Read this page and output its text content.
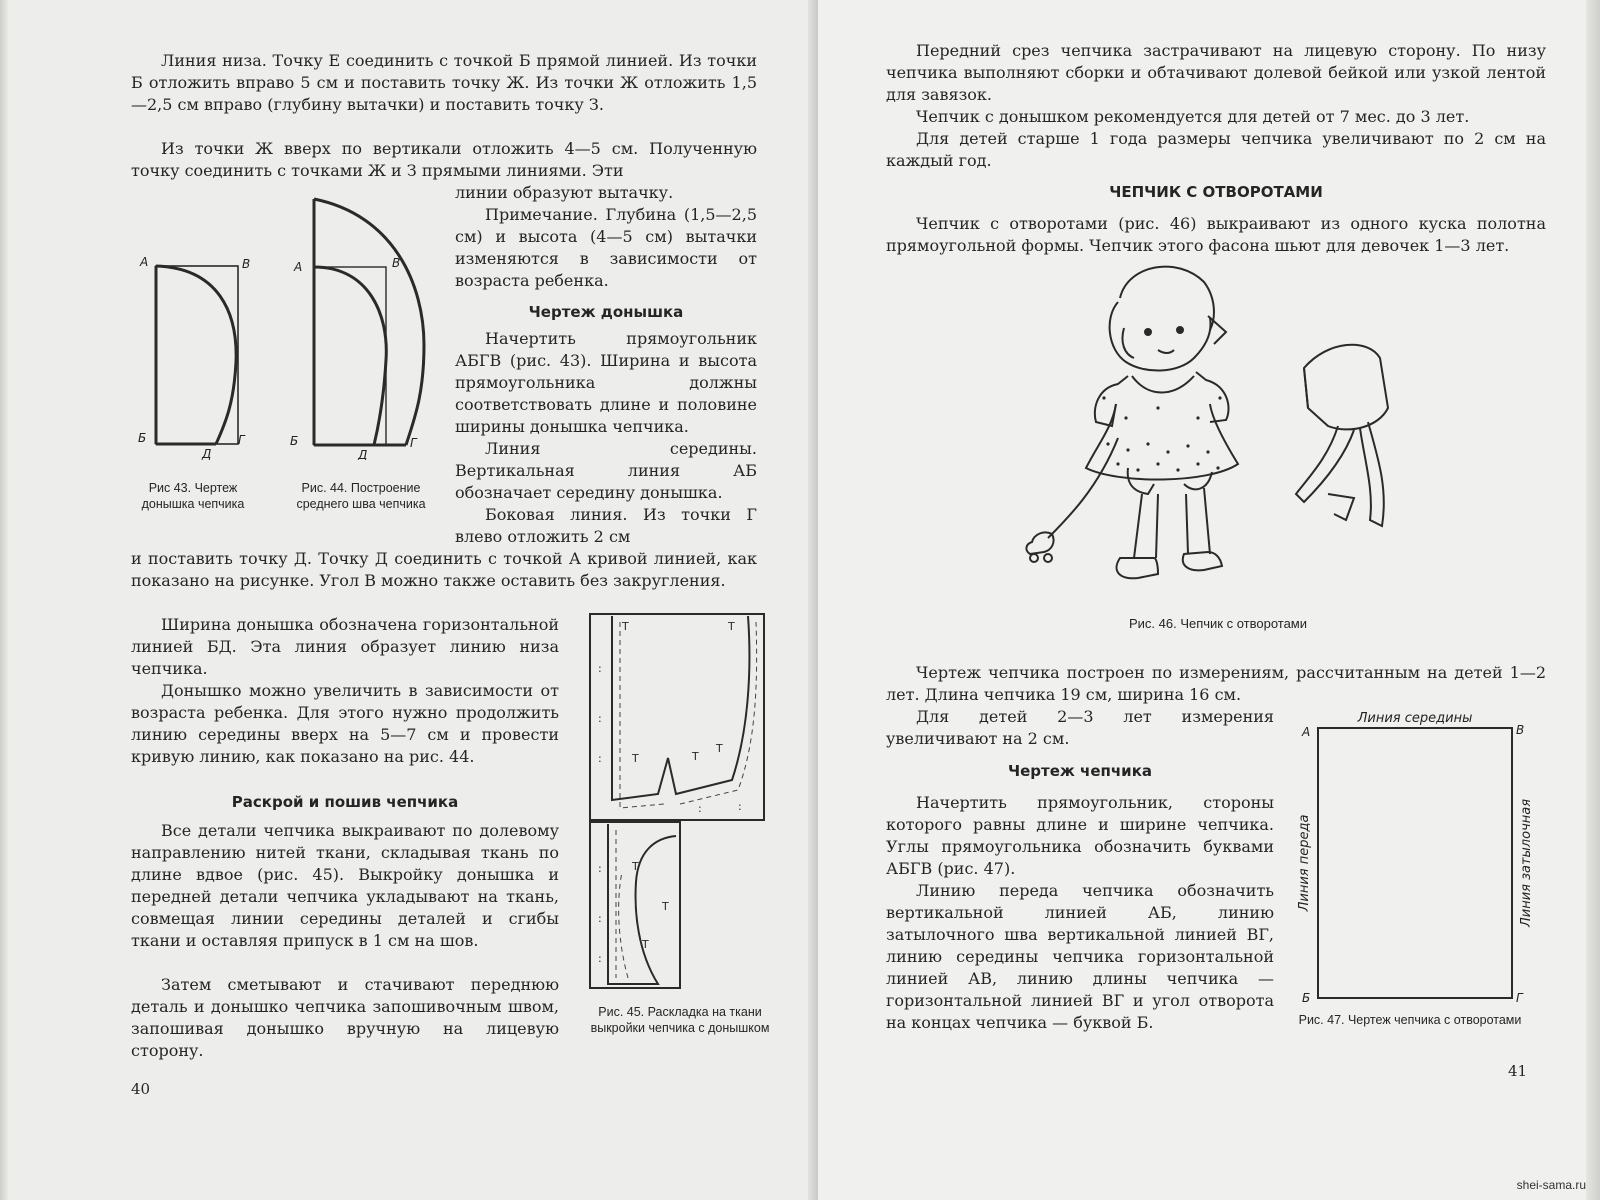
Линия низа. Точку Е соединить с точкой Б прямой линией. Из точки Б отложить вправо 5 см и поставить точку Ж. Из точки Ж отложить 1,5—2,5 см вправо (глубину вытачки) и поставить точку З.
Из точки Ж вверх по вертикали отложить 4—5 см. Полученную точку соединить с точками Ж и З прямыми линиями. Эти
линии образуют вытачку.
Примечание. Глубина (1,5—2,5 см) и высота (4—5 см) вытачки изменяются в зависимости от возраста ребенка.
Чертеж донышка
Начертить прямоугольник АБГВ (рис. 43). Ширина и высота прямоугольника должны соответствовать длине и половине ширины донышка чепчика.
Линия середины. Вертикальная линия АБ обозначает середину донышка.
Боковая линия. Из точки Г влево отложить 2 см
и поставить точку Д. Точку Д соединить с точкой А кривой линией, как показано на рисунке. Угол В можно также оставить без закругления.
Ширина донышка обозначена горизонтальной линией БД. Эта линия образует линию низа чепчика.
Донышко можно увеличить в зависимости от возраста ребенка. Для этого нужно продолжить линию середины вверх на 5—7 см и провести кривую линию, как показано на рис. 44.
Раскрой и пошив чепчика
Все детали чепчика выкраивают по долевому направлению нитей ткани, складывая ткань по длине вдвое (рис. 45). Выкройку донышка и передней детали чепчика укладывают на ткань, совмещая линии середины деталей и сгибы ткани и оставляя припуск в 1 см на шов.
Затем сметывают и стачивают переднюю деталь и донышко чепчика запошивочным швом, запошивая донышко вручную на лицевую сторону.
А	В
Б
Д
Г
Рис 43. Чертеж донышка чепчика
А	В
Б
Д
Г
Рис. 44. Построение среднего шва чепчика
:
:
:
:
:
:
T	T
T
T	T
T
T
T
:	:
Рис. 45. Раскладка на ткани выкройки чепчика с донышком
40
Передний срез чепчика застрачивают на лицевую сторону. По низу чепчика выполняют сборки и обтачивают долевой бейкой или узкой лентой для завязок.
Чепчик с донышком рекомендуется для детей от 7 мес. до 3 лет.
Для детей старше 1 года размеры чепчика увеличивают по 2 см на каждый год.
ЧЕПЧИК С ОТВОРОТАМИ
Чепчик с отворотами (рис. 46) выкраивают из одного куска полотна прямоугольной формы. Чепчик этого фасона шьют для девочек 1—3 лет.
Рис. 46. Чепчик с отворотами
Чертеж чепчика построен по измерениям, рассчитанным на детей 1—2 лет. Длина чепчика 19 см, ширина 16 см.
Для детей 2—3 лет измерения увеличивают на 2 см.
Чертеж чепчика
Начертить прямоугольник, стороны которого равны длине и ширине чепчика. Углы прямоугольника обозначить буквами АБГВ (рис. 47).
Линию переда чепчика обозначить вертикальной линией АБ, линию затылочного шва вертикальной линией ВГ, линию середины чепчика горизонтальной линией АВ, линию длины чепчика — горизонтальной линией ВГ и угол отворота на концах чепчика — буквой Б.
Линия середины
Линия переда	Линия затылочная
А	В
Б	Г
Рис. 47. Чертеж чепчика с отворотами
41
shei-sama.ru
